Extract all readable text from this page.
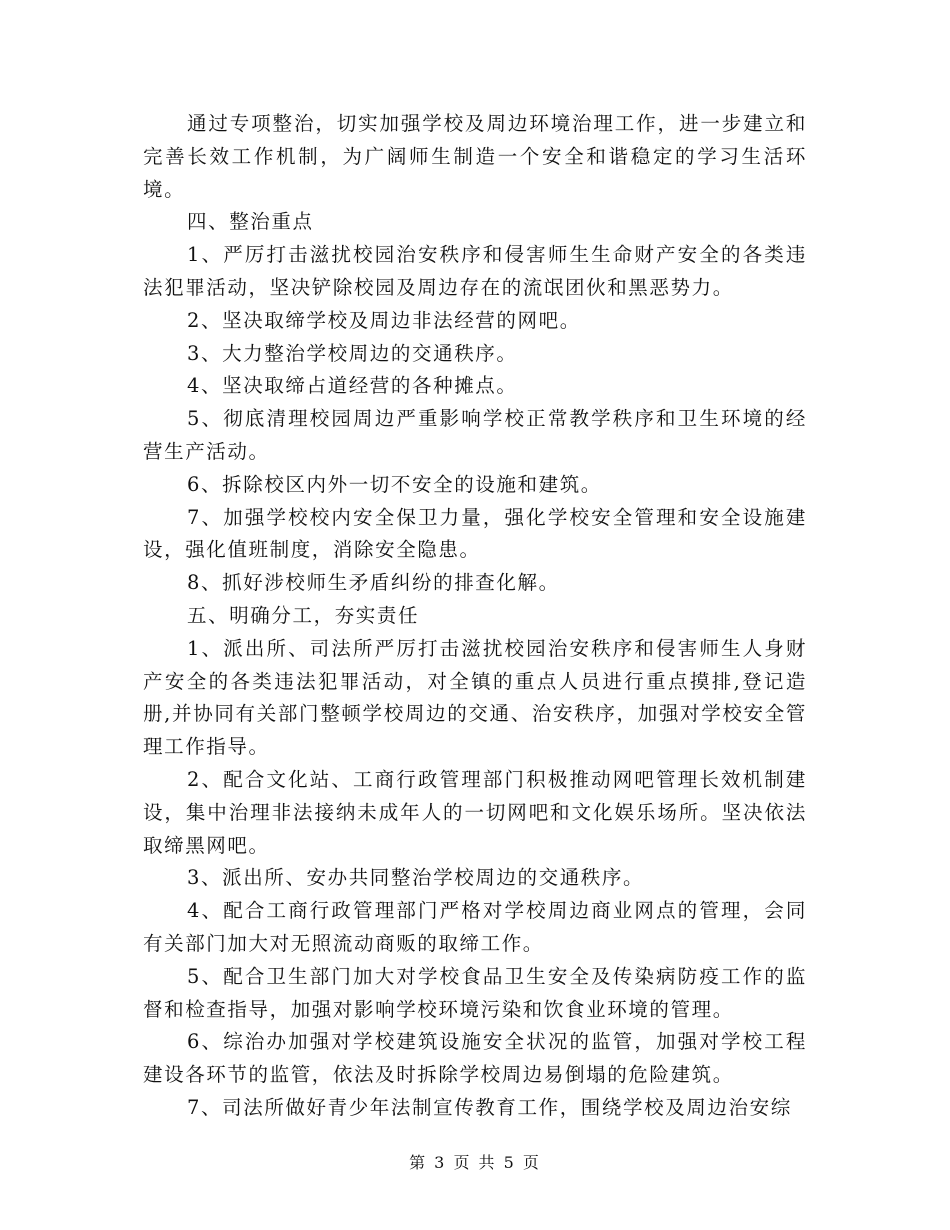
通过专项整治，切实加强学校及周边环境治理工作，进一步建立和完善长效工作机制，为广阔师生制造一个安全和谐稳定的学习生活环境。

四、整治重点

1、严厉打击滋扰校园治安秩序和侵害师生生命财产安全的各类违法犯罪活动，坚决铲除校园及周边存在的流氓团伙和黑恶势力。

2、坚决取缔学校及周边非法经营的网吧。

3、大力整治学校周边的交通秩序。

4、坚决取缔占道经营的各种摊点。

5、彻底清理校园周边严重影响学校正常教学秩序和卫生环境的经营生产活动。

6、拆除校区内外一切不安全的设施和建筑。

7、加强学校校内安全保卫力量，强化学校安全管理和安全设施建设，强化值班制度，消除安全隐患。

8、抓好涉校师生矛盾纠纷的排查化解。

五、明确分工，夯实责任

1、派出所、司法所严厉打击滋扰校园治安秩序和侵害师生人身财产安全的各类违法犯罪活动，对全镇的重点人员进行重点摸排,登记造册,并协同有关部门整顿学校周边的交通、治安秩序，加强对学校安全管理工作指导。

2、配合文化站、工商行政管理部门积极推动网吧管理长效机制建设，集中治理非法接纳未成年人的一切网吧和文化娱乐场所。坚决依法取缔黑网吧。

3、派出所、安办共同整治学校周边的交通秩序。

4、配合工商行政管理部门严格对学校周边商业网点的管理，会同有关部门加大对无照流动商贩的取缔工作。

5、配合卫生部门加大对学校食品卫生安全及传染病防疫工作的监督和检查指导，加强对影响学校环境污染和饮食业环境的管理。

6、综治办加强对学校建筑设施安全状况的监管，加强对学校工程建设各环节的监管，依法及时拆除学校周边易倒塌的危险建筑。

7、司法所做好青少年法制宣传教育工作，围绕学校及周边治安综

第 3 页 共 5 页
